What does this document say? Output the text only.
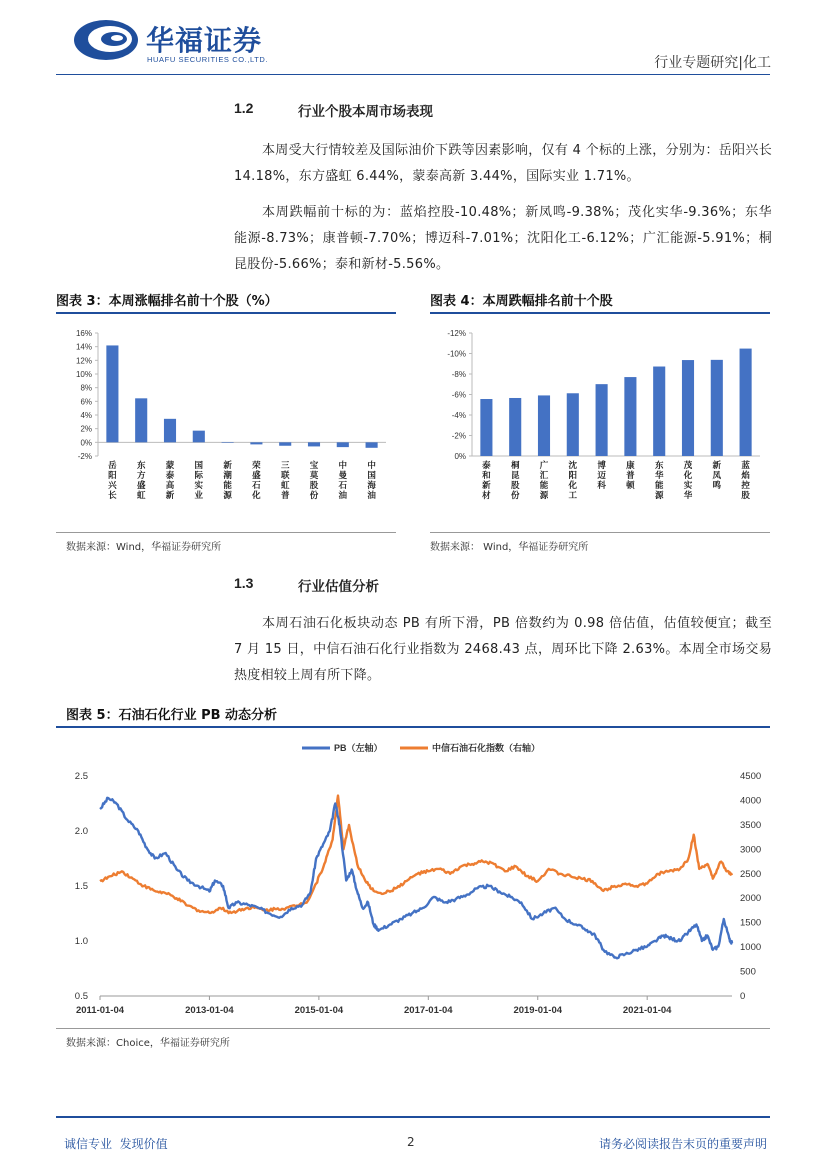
华福证券
HUAFU SECURITIES CO.,LTD.	行业专题研究|化工
1.2	行业个股本周市场表现
本周受大行情较差及国际油价下跌等因素影响，仅有 4 个标的上涨，分别为：岳阳兴长 14.18%，东方盛虹 6.44%，蒙泰高新 3.44%，国际实业 1.71%。
本周跌幅前十标的为：蓝焰控股-10.48%；新凤鸣-9.38%；茂化实华-9.36%；东华能源-8.73%；康普顿-7.70%；博迈科-7.01%；沈阳化工-6.12%；广汇能源-5.91%；桐昆股份-5.66%；泰和新材-5.56%。
图表 3：本周涨幅排名前十个股（%）
-2%
0%
2%
4%
6%
8%
10%
12%
14%
16%
岳阳兴长
东方盛虹
蒙泰高新
国际实业
新潮能源
荣盛石化
三联虹普
宝莫股份
中曼石油
中国海油
数据来源：Wind，华福证券研究所
图表 4：本周跌幅排名前十个股
0%
-2%
-4%
-6%
-8%
-10%
-12%
泰和新材
桐昆股份
广汇能源
沈阳化工
博迈科
康普顿
东华能源
茂化实华
新凤鸣
蓝焰控股
数据来源： Wind，华福证券研究所
1.3	行业估值分析
本周石油石化板块动态 PB 有所下滑，PB 倍数约为 0.98 倍估值，估值较便宜；截至 7 月 15 日，中信石油石化行业指数为 2468.43 点，周环比下降 2.63%。本周全市场交易热度相较上周有所下降。
图表 5：石油石化行业 PB 动态分析
0.5
1.0
1.5
2.0
2.5
0
500
1000
1500
2000
2500
3000
3500
4000
4500
2011-01-04	2013-01-04	2015-01-04	2017-01-04	2019-01-04	2021-01-04
PB（左轴）	中信石油石化指数（右轴）
数据来源：Choice，华福证券研究所
诚信专业  发现价值	2	请务必阅读报告末页的重要声明
